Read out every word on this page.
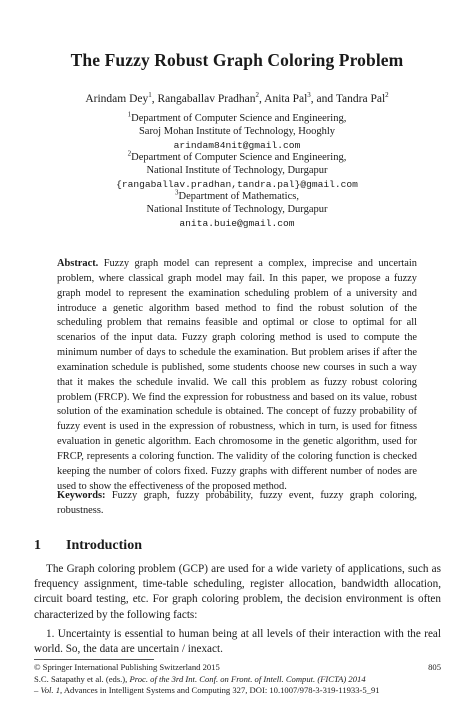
The Fuzzy Robust Graph Coloring Problem
Arindam Dey$^1$, Rangaballav Pradhan$^2$, Anita Pal$^3$, and Tandra Pal$^2$
$^1$Department of Computer Science and Engineering,
Saroj Mohan Institute of Technology, Hooghly
arindam84nit@gmail.com
$^2$Department of Computer Science and Engineering,
National Institute of Technology, Durgapur
{rangaballav.pradhan,tandra.pal}@gmail.com
$^3$Department of Mathematics,
National Institute of Technology, Durgapur
anita.buie@gmail.com
Abstract. Fuzzy graph model can represent a complex, imprecise and uncertain problem, where classical graph model may fail. In this paper, we propose a fuzzy graph model to represent the examination scheduling problem of a university and introduce a genetic algorithm based method to find the robust solution of the scheduling problem that remains feasible and optimal or close to optimal for all scenarios of the input data. Fuzzy graph coloring method is used to compute the minimum number of days to schedule the examination. But problem arises if after the examination schedule is published, some students choose new courses in such a way that it makes the schedule invalid. We call this problem as fuzzy robust coloring problem (FRCP). We find the expression for robustness and based on its value, robust solution of the examination schedule is obtained. The concept of fuzzy probability of fuzzy event is used in the expression of robustness, which in turn, is used for fitness evaluation in genetic algorithm. Each chromosome in the genetic algorithm, used for FRCP, represents a coloring function. The validity of the coloring function is checked keeping the number of colors fixed. Fuzzy graphs with different number of nodes are used to show the effectiveness of the proposed method.
Keywords: Fuzzy graph, fuzzy probability, fuzzy event, fuzzy graph coloring, robustness.
1 Introduction

The Graph coloring problem (GCP) are used for a wide variety of applications, such as frequency assignment, time-table scheduling, register allocation, bandwidth allocation, circuit board testing, etc. For graph coloring problem, the decision environment is often characterized by the following facts:

1. Uncertainty is essential to human being at all levels of their interaction with the real world. So, the data are uncertain / inexact.

© Springer International Publishing Switzerland 2015	805
S.C. Satapathy et al. (eds.), Proc. of the 3rd Int. Conf. on Front. of Intell. Comput. (FICTA) 2014
– Vol. 1, Advances in Intelligent Systems and Computing 327, DOI: 10.1007/978-3-319-11933-5_91
